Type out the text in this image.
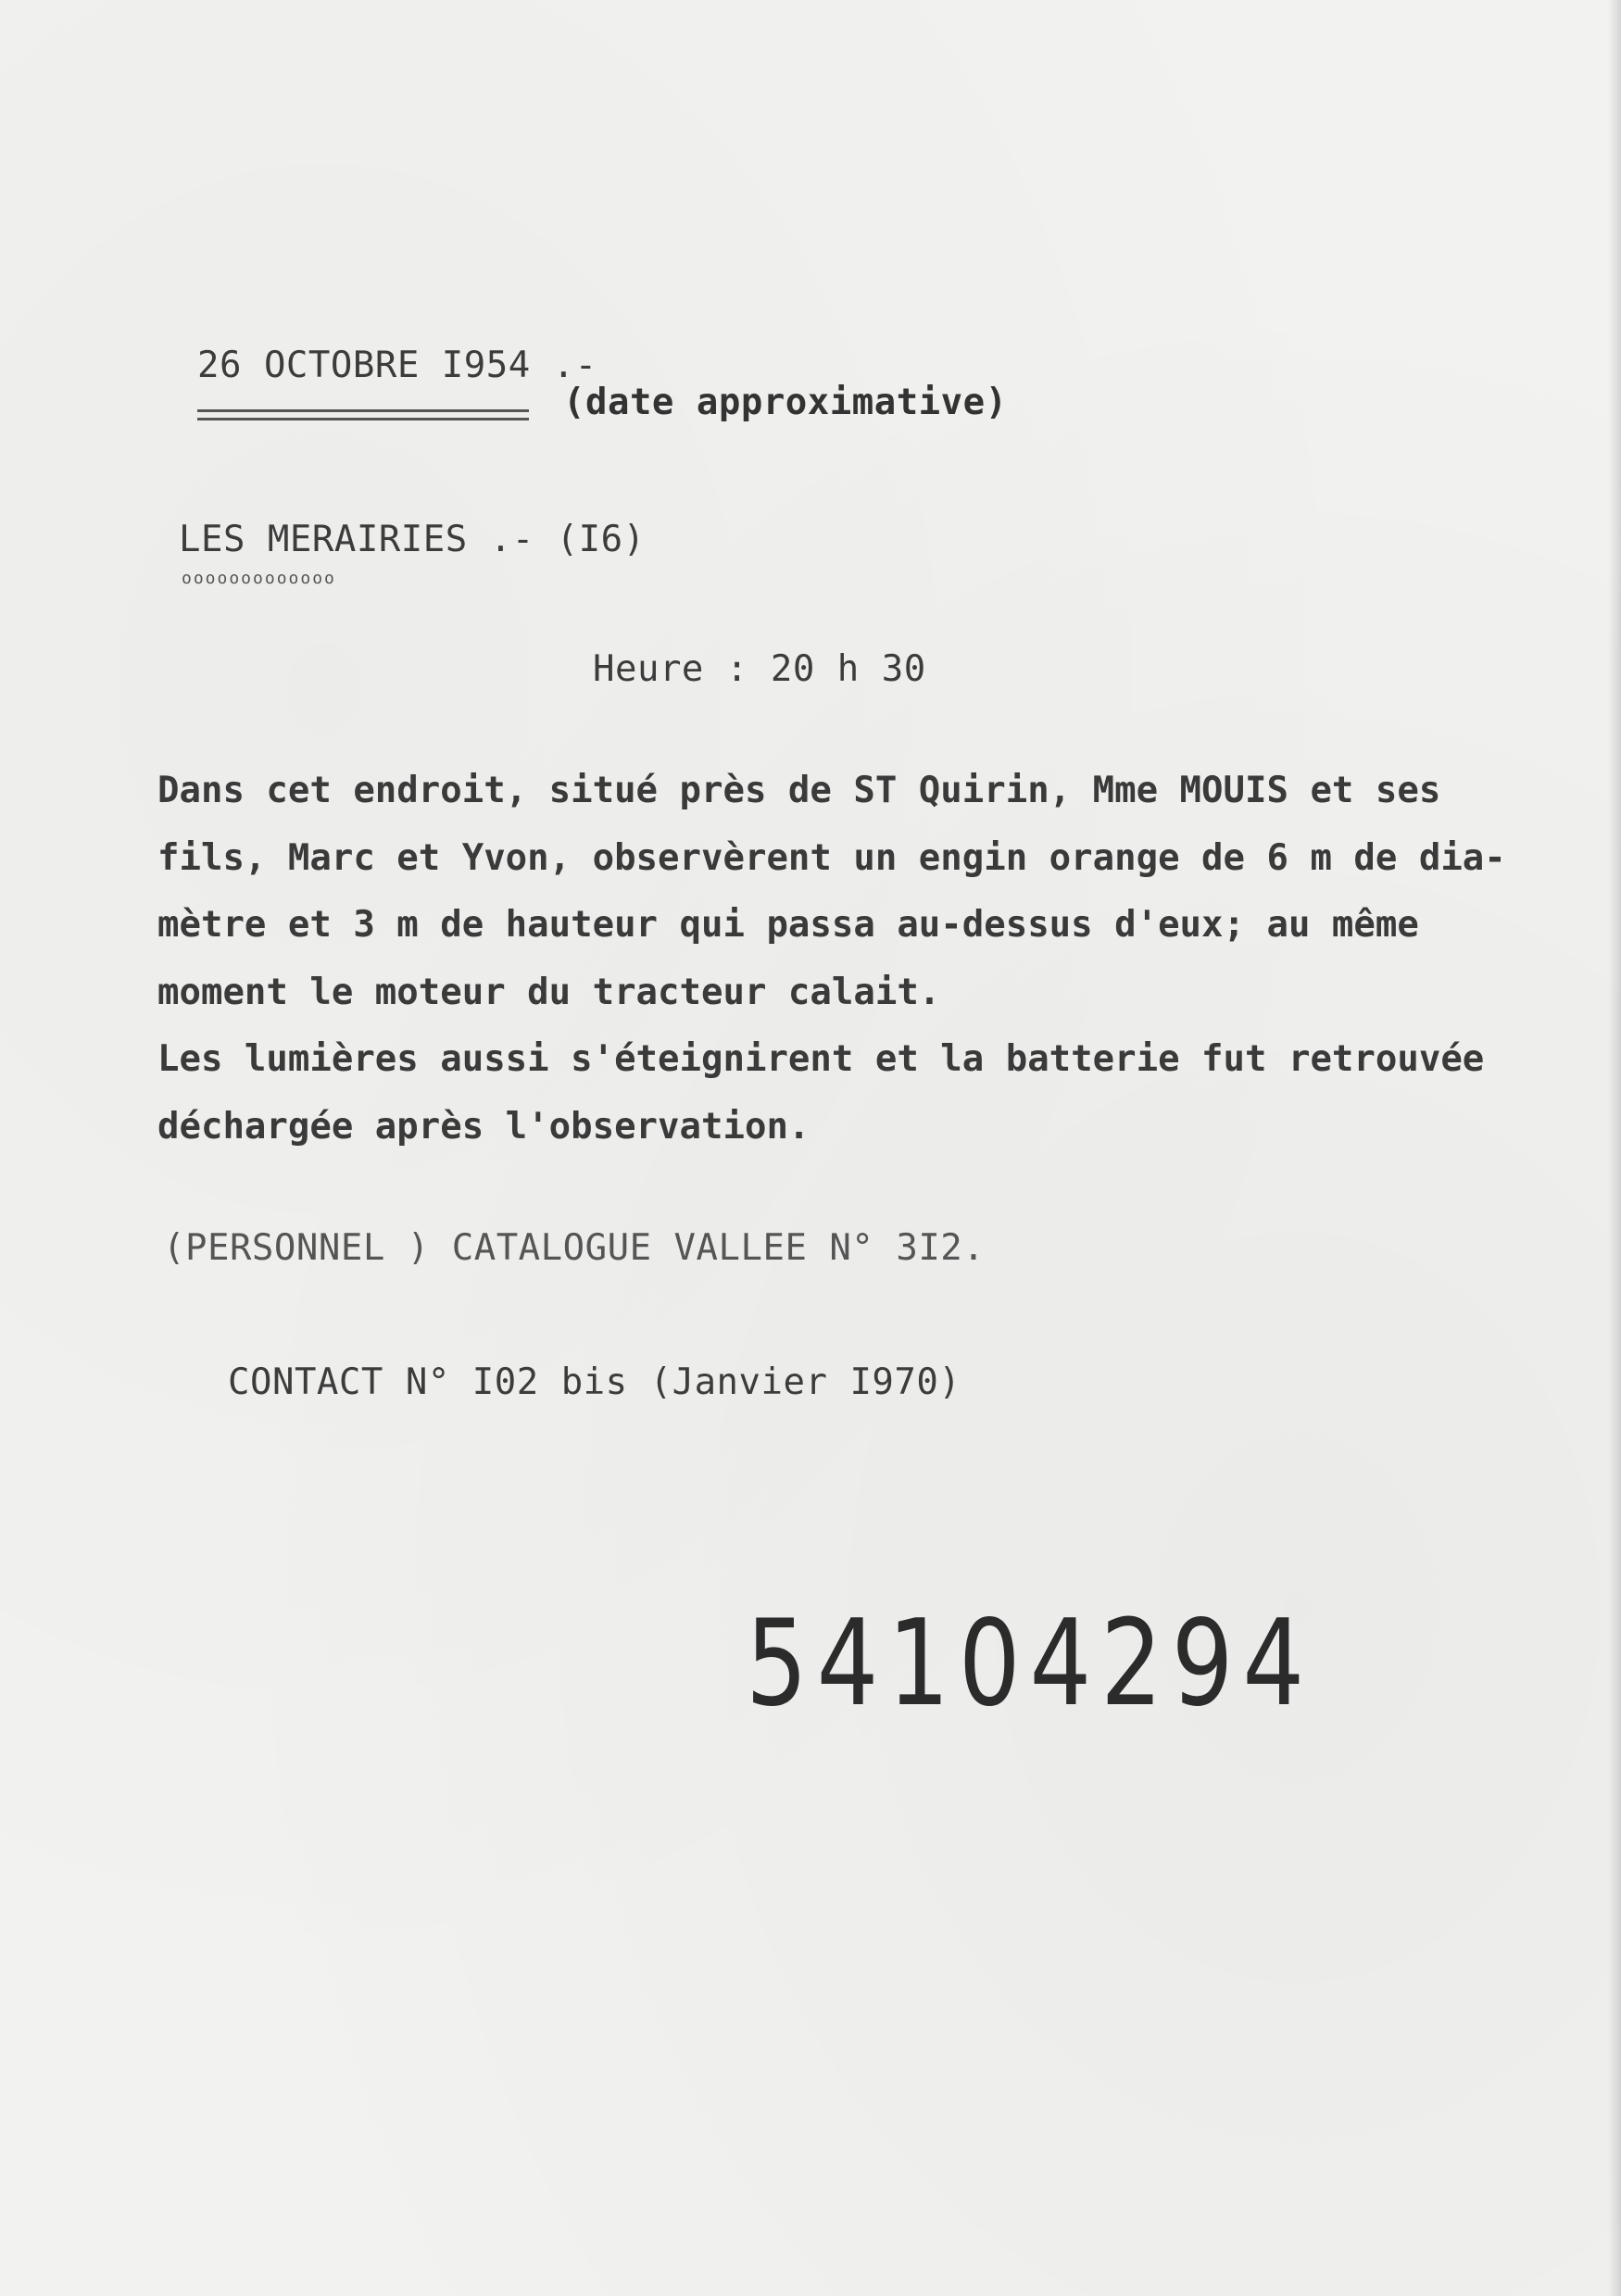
26 OCTOBRE I954 .-
(date approximative)
LES MERAIRIES .- (I6)
ooooooooooooo
Heure : 20 h 30
Dans cet endroit, situé près de ST Quirin, Mme MOUIS et ses
fils, Marc et Yvon, observèrent un engin orange de 6 m de dia-
mètre et 3 m de hauteur qui passa au-dessus d'eux; au même
moment le moteur du tracteur calait.
Les lumières aussi s'éteignirent et la batterie fut retrouvée
déchargée après l'observation.
(PERSONNEL ) CATALOGUE VALLEE N° 3I2.
CONTACT N° I02 bis (Janvier I970)
54104294
